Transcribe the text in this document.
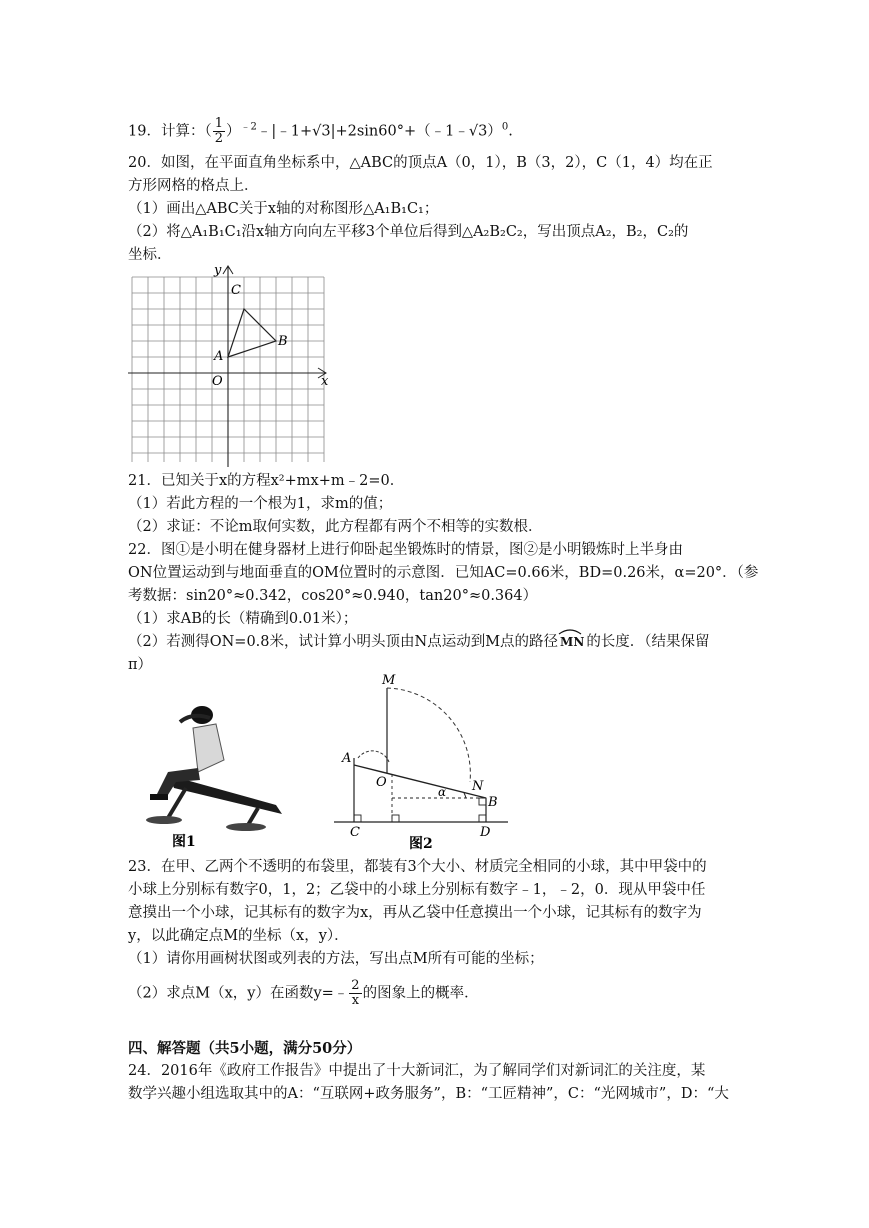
19．计算：（ $\frac{1}{2}$ ）$^{﹣2}$﹣|﹣1+√3|+2sin60°+（﹣1﹣√3）$^0$.
20．如图，在平面直角坐标系中，△ABC的顶点A（0，1），B（3，2），C（1，4）均在正
方形网格的格点上．
（1）画出△ABC关于x轴的对称图形△A₁B₁C₁；
（2）将△A₁B₁C₁沿x轴方向向左平移3个单位后得到△A₂B₂C₂，写出顶点A₂，B₂，C₂的
坐标．
y
x
O
A
B
C
21．已知关于x的方程x²+mx+m﹣2=0．
（1）若此方程的一个根为1，求m的值；
（2）求证：不论m取何实数，此方程都有两个不相等的实数根．
22．图①是小明在健身器材上进行仰卧起坐锻炼时的情景，图②是小明锻炼时上半身由
ON位置运动到与地面垂直的OM位置时的示意图．已知AC=0.66米，BD=0.26米，α=20°．（参
考数据：sin20°≈0.342，cos20°≈0.940，tan20°≈0.364）
（1）求AB的长（精确到0.01米）；
（2）若测得ON=0.8米，试计算小明头顶由N点运动到M点的路径 MN 的长度．（结果保留
π）
图1
M
A
O	N
α
B
C	D
图2
23．在甲、乙两个不透明的布袋里，都装有3个大小、材质完全相同的小球，其中甲袋中的
小球上分别标有数字0，1，2；乙袋中的小球上分别标有数字﹣1，﹣2，0．现从甲袋中任
意摸出一个小球，记其标有的数字为x，再从乙袋中任意摸出一个小球，记其标有的数字为
y，以此确定点M的坐标（x，y）．
（1）请你用画树状图或列表的方法，写出点M所有可能的坐标；
（2）求点M（x，y）在函数y=﹣ $\frac{2}{x}$ 的图象上的概率．
四、解答题（共5小题，满分50分）
24．2016年《政府工作报告》中提出了十大新词汇，为了解同学们对新词汇的关注度，某
数学兴趣小组选取其中的A：“互联网+政务服务”，B：“工匠精神”，C：“光网城市”，D：“大
